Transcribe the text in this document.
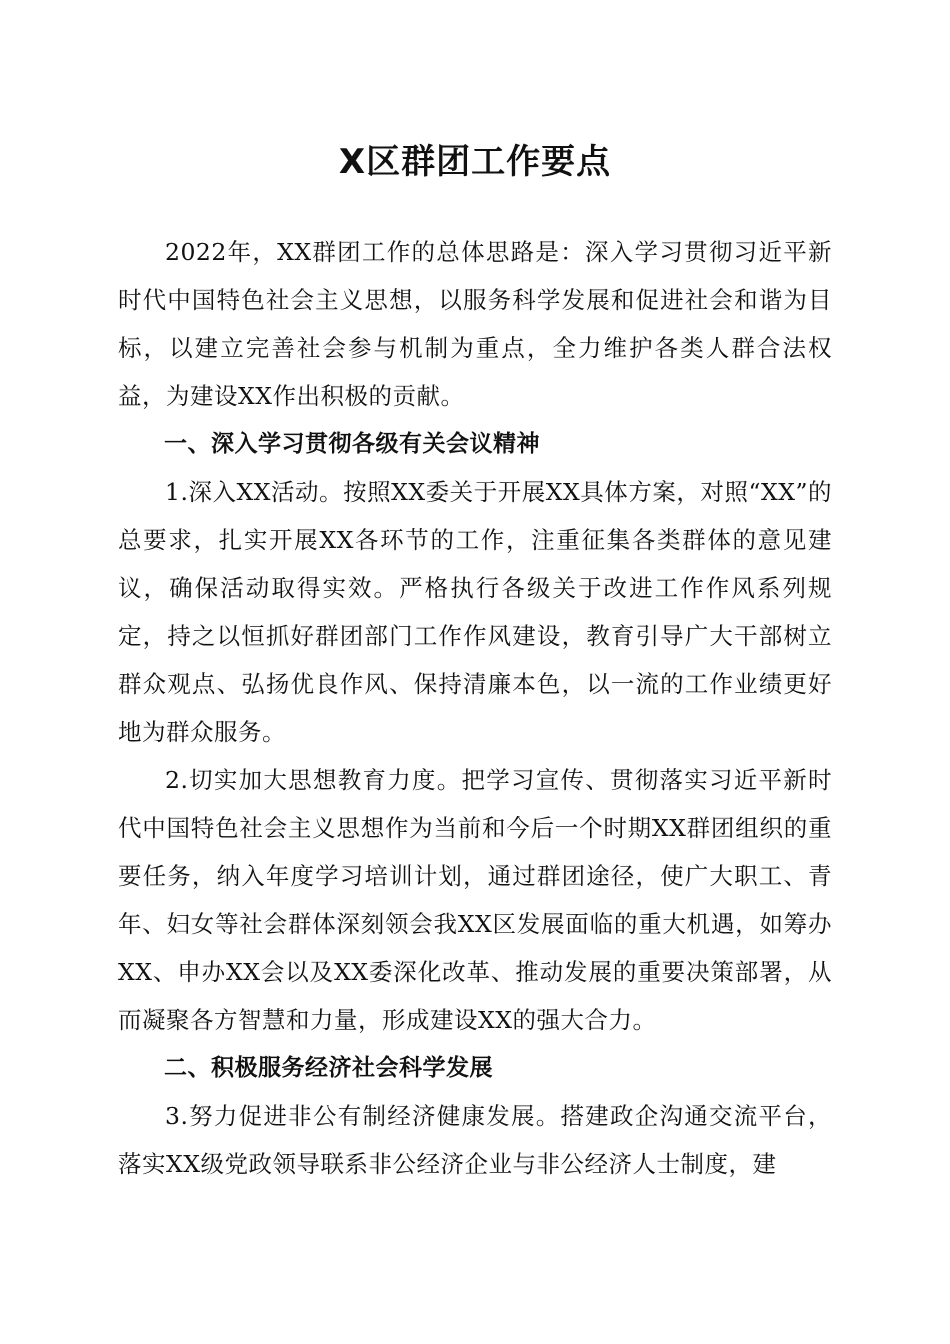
X区群团工作要点

2022年，XX群团工作的总体思路是：深入学习贯彻习近平新时代中国特色社会主义思想，以服务科学发展和促进社会和谐为目标，以建立完善社会参与机制为重点，全力维护各类人群合法权益，为建设XX作出积极的贡献。

一、深入学习贯彻各级有关会议精神

1.深入XX活动。按照XX委关于开展XX具体方案，对照“XX”的总要求，扎实开展XX各环节的工作，注重征集各类群体的意见建议，确保活动取得实效。严格执行各级关于改进工作作风系列规定，持之以恒抓好群团部门工作作风建设，教育引导广大干部树立群众观点、弘扬优良作风、保持清廉本色，以一流的工作业绩更好地为群众服务。

2.切实加大思想教育力度。把学习宣传、贯彻落实习近平新时代中国特色社会主义思想作为当前和今后一个时期XX群团组织的重要任务，纳入年度学习培训计划，通过群团途径，使广大职工、青年、妇女等社会群体深刻领会我XX区发展面临的重大机遇，如筹办XX、申办XX会以及XX委深化改革、推动发展的重要决策部署，从而凝聚各方智慧和力量，形成建设XX的强大合力。

二、积极服务经济社会科学发展

3.努力促进非公有制经济健康发展。搭建政企沟通交流平台，落实XX级党政领导联系非公经济企业与非公经济人士制度，建
